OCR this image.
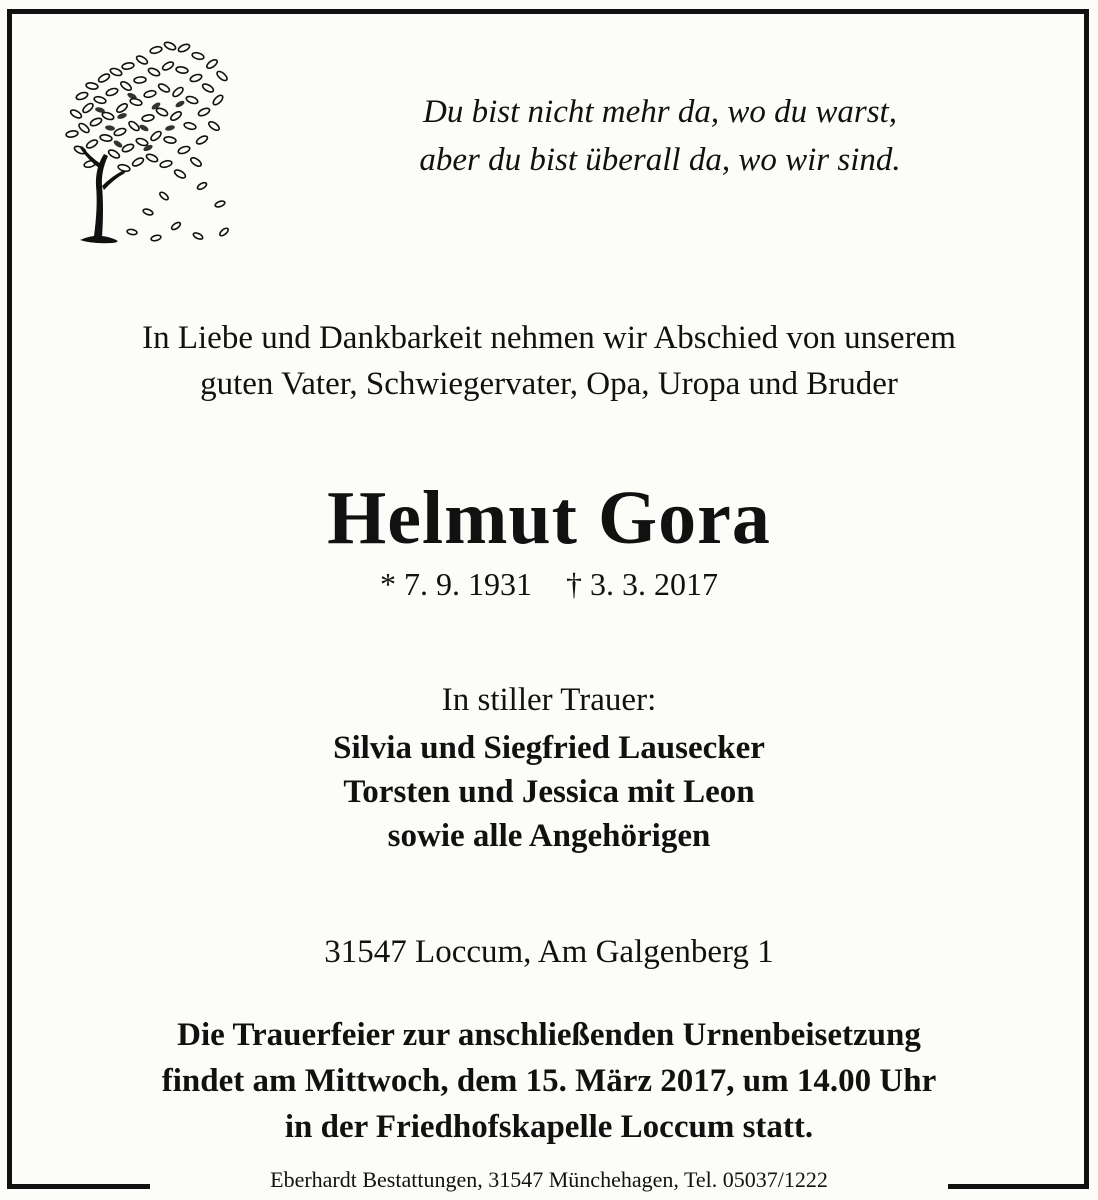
Du bist nicht mehr da, wo du warst,
aber du bist überall da, wo wir sind.
In Liebe und Dankbarkeit nehmen wir Abschied von unserem
guten Vater, Schwiegervater, Opa, Uropa und Bruder
Helmut Gora
* 7. 9. 1931 † 3. 3. 2017
In stiller Trauer:
Silvia und Siegfried Lausecker
Torsten und Jessica mit Leon
sowie alle Angehörigen
31547 Loccum, Am Galgenberg 1
Die Trauerfeier zur anschließenden Urnenbeisetzung
findet am Mittwoch, dem 15. März 2017, um 14.00 Uhr
in der Friedhofskapelle Loccum statt.
Eberhardt Bestattungen, 31547 Münchehagen, Tel. 05037/1222
